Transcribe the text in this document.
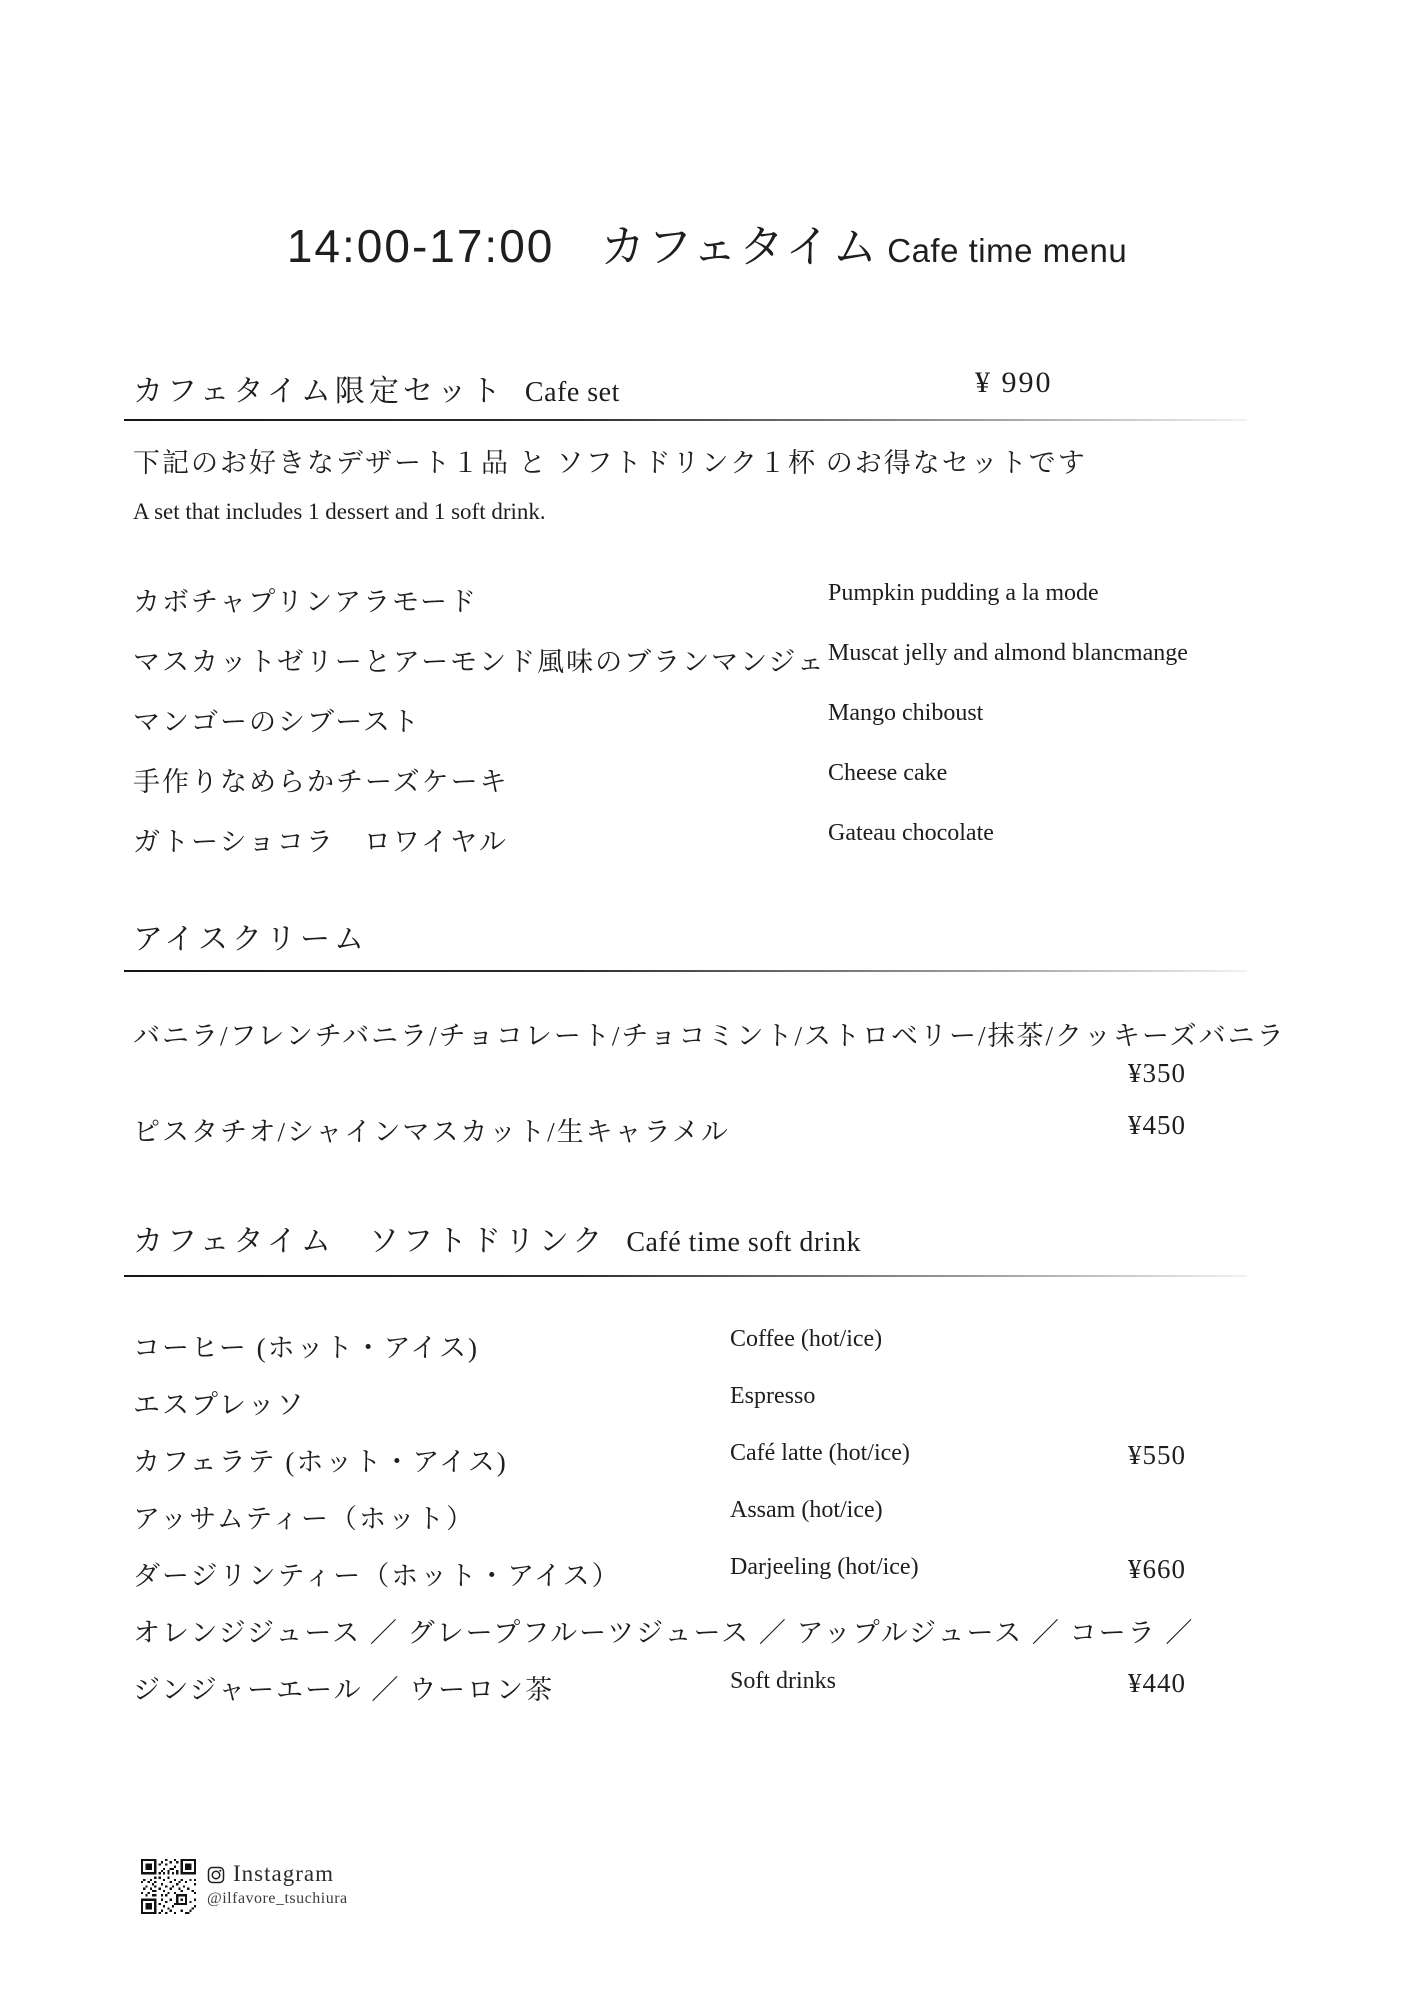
14:00-17:00 カフェタイム Cafe time menu
カフェタイム限定セット Cafe set	¥ 990
下記のお好きなデザート１品 と ソフトドリンク１杯 のお得なセットです
A set that includes 1 dessert and 1 soft drink.
カボチャプリンアラモード	Pumpkin pudding a la mode
マスカットゼリーとアーモンド風味のブランマンジェ Muscat jelly and almond blancmange
マンゴーのシブースト	Mango chiboust
手作りなめらかチーズケーキ	Cheese cake
ガトーショコラ　ロワイヤル	Gateau chocolate
アイスクリーム
バニラ/フレンチバニラ/チョコレート/チョコミント/ストロベリー/抹茶/クッキーズバニラ
¥350
ピスタチオ/シャインマスカット/生キャラメル	¥450
カフェタイム　ソフトドリンク Café time soft drink
コーヒー (ホット・アイス)	Coffee (hot/ice)
エスプレッソ	Espresso
カフェラテ (ホット・アイス)	Café latte (hot/ice)	¥550
アッサムティー（ホット）	Assam (hot/ice)
ダージリンティー（ホット・アイス）	Darjeeling (hot/ice)	¥660
オレンジジュース ／ グレープフルーツジュース ／ アップルジュース ／ コーラ ／
ジンジャーエール ／ ウーロン茶	Soft drinks	¥440
Instagram
@ilfavore_tsuchiura
